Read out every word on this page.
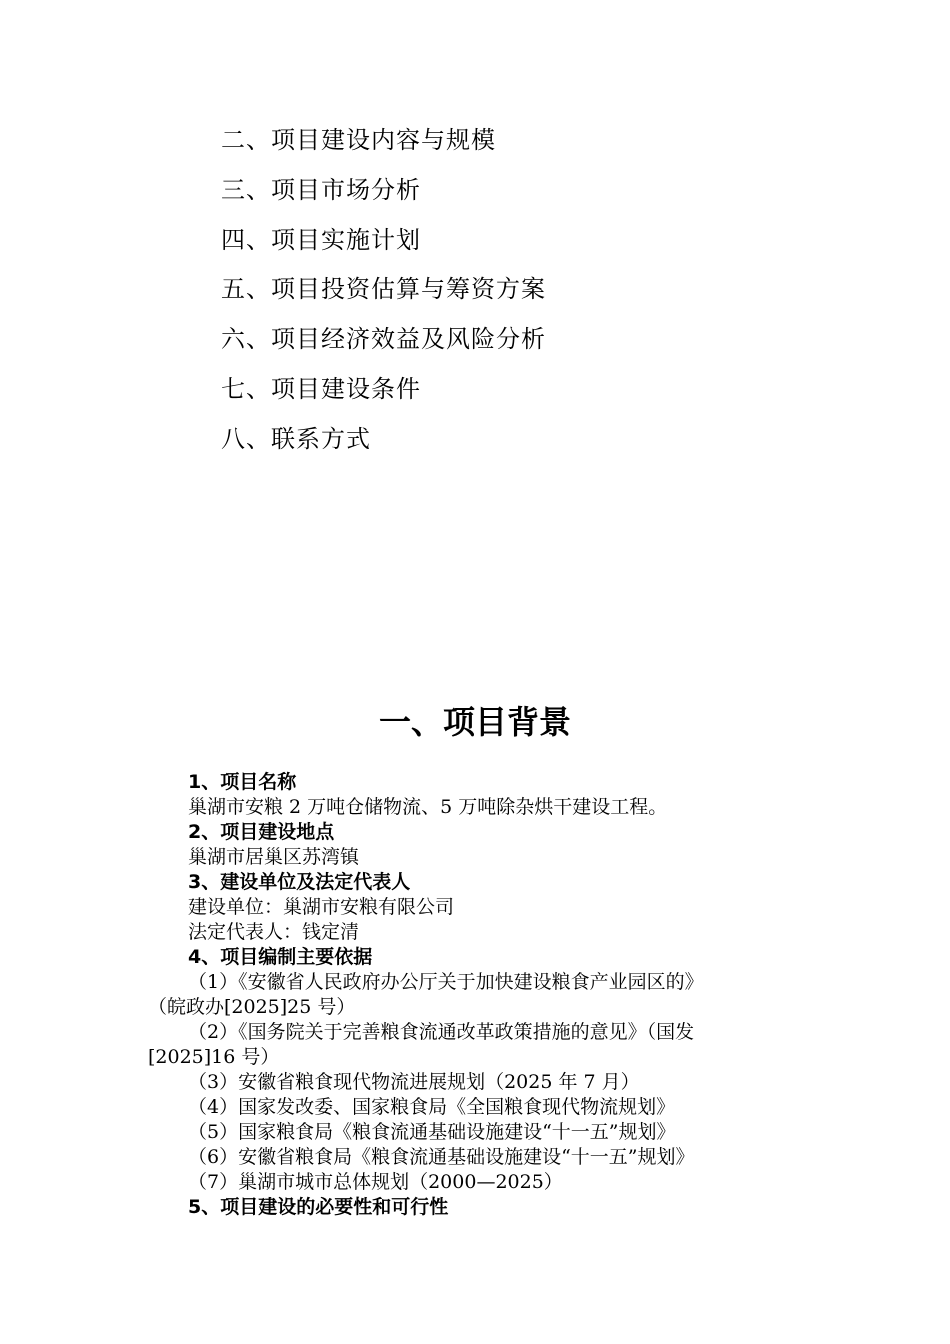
二、项目建设内容与规模
三、项目市场分析
四、项目实施计划
五、项目投资估算与筹资方案
六、项目经济效益及风险分析
七、项目建设条件
八、联系方式
一、项目背景
1、项目名称
巢湖市安粮 2 万吨仓储物流、5 万吨除杂烘干建设工程。
2、项目建设地点
巢湖市居巢区苏湾镇
3、建设单位及法定代表人
建设单位：巢湖市安粮有限公司
法定代表人：钱定清
4、项目编制主要依据
（1）《安徽省人民政府办公厅关于加快建设粮食产业园区的》
（皖政办[2025]25 号）
（2）《国务院关于完善粮食流通改革政策措施的意见》（国发
[2025]16 号）
（3）安徽省粮食现代物流进展规划（2025 年 7 月）
（4）国家发改委、国家粮食局《全国粮食现代物流规划》
（5）国家粮食局《粮食流通基础设施建设“十一五”规划》
（6）安徽省粮食局《粮食流通基础设施建设“十一五”规划》
（7）巢湖市城市总体规划（2000—2025）
5、项目建设的必要性和可行性
